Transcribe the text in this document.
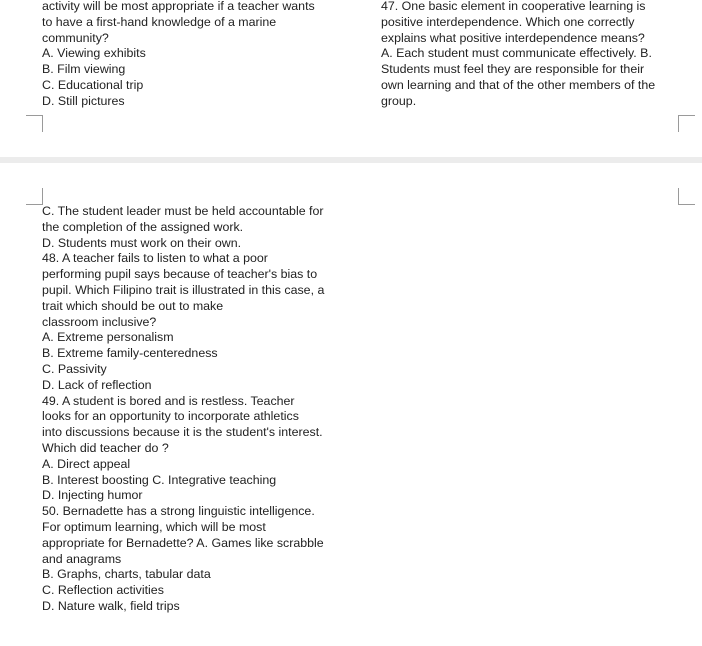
activity will be most appropriate if a teacher wants

to have a first-hand knowledge of a marine

community?

A. Viewing exhibits

B. Film viewing

C. Educational trip

D. Still pictures

47. One basic element in cooperative learning is

positive interdependence. Which one correctly

explains what positive interdependence means?

A. Each student must communicate effectively. B.

Students must feel they are responsible for their

own learning and that of the other members of the

group.

C. The student leader must be held accountable for

the completion of the assigned work.

D. Students must work on their own.

48. A teacher fails to listen to what a poor

performing pupil says because of teacher's bias to

pupil. Which Filipino trait is illustrated in this case, a

trait which should be out to make

classroom inclusive?

A. Extreme personalism

B. Extreme family-centeredness

C. Passivity

D. Lack of reflection

49. A student is bored and is restless. Teacher

looks for an opportunity to incorporate athletics

into discussions because it is the student's interest.

Which did teacher do ?

A. Direct appeal

B. Interest boosting C. Integrative teaching

D. Injecting humor

50. Bernadette has a strong linguistic intelligence.

For optimum learning, which will be most

appropriate for Bernadette? A. Games like scrabble

and anagrams

B. Graphs, charts, tabular data

C. Reflection activities

D. Nature walk, field trips
